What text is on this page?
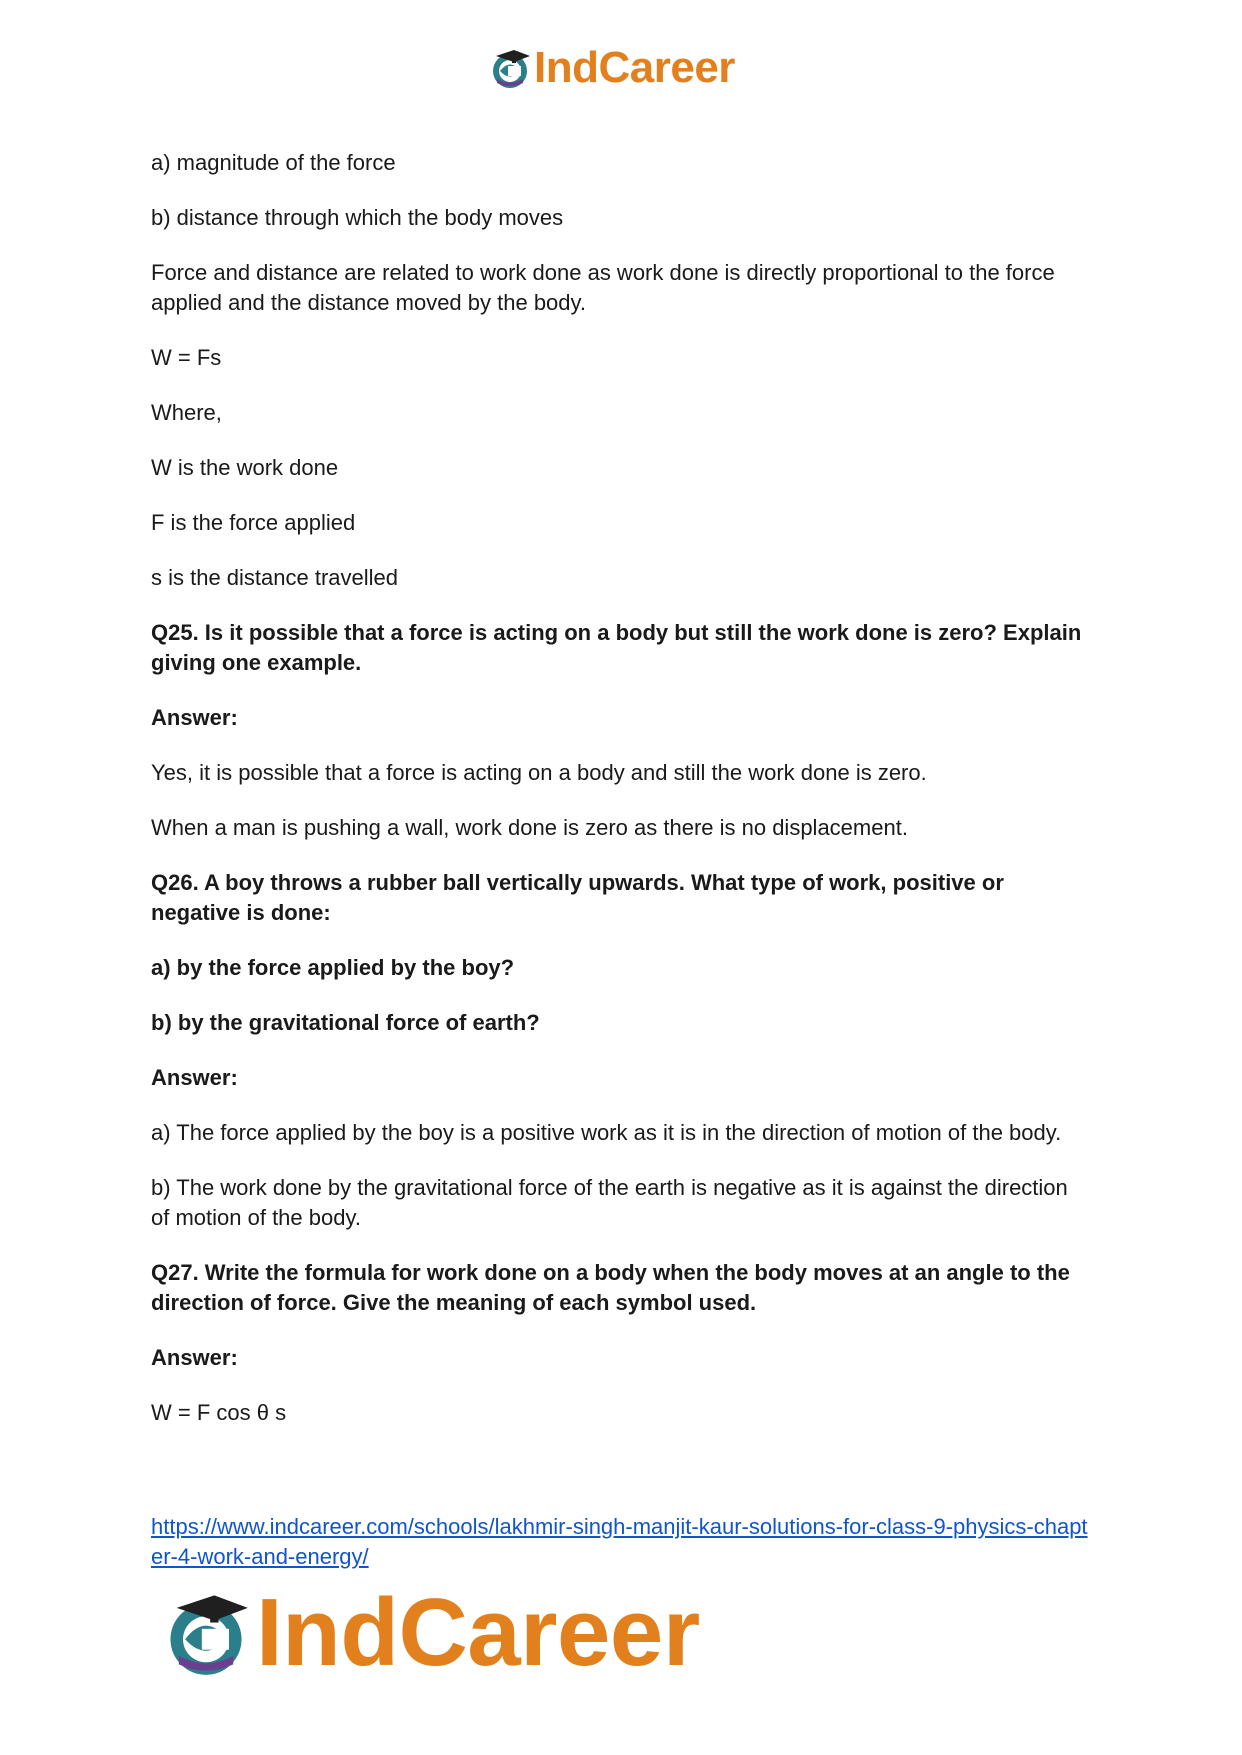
IndCareer

a) magnitude of the force

b) distance through which the body moves

Force and distance are related to work done as work done is directly proportional to the force applied and the distance moved by the body.

W = Fs

Where,

W is the work done

F is the force applied

s is the distance travelled

Q25. Is it possible that a force is acting on a body but still the work done is zero? Explain giving one example.

Answer:

Yes, it is possible that a force is acting on a body and still the work done is zero.

When a man is pushing a wall, work done is zero as there is no displacement.

Q26. A boy throws a rubber ball vertically upwards. What type of work, positive or negative is done:

a) by the force applied by the boy?

b) by the gravitational force of earth?

Answer:

a) The force applied by the boy is a positive work as it is in the direction of motion of the body.

b) The work done by the gravitational force of the earth is negative as it is against the direction of motion of the body.

Q27. Write the formula for work done on a body when the body moves at an angle to the direction of force. Give the meaning of each symbol used.

Answer:

W = F cos θ s

https://www.indcareer.com/schools/lakhmir-singh-manjit-kaur-solutions-for-class-9-physics-chapter-4-work-and-energy/
IndCareer
